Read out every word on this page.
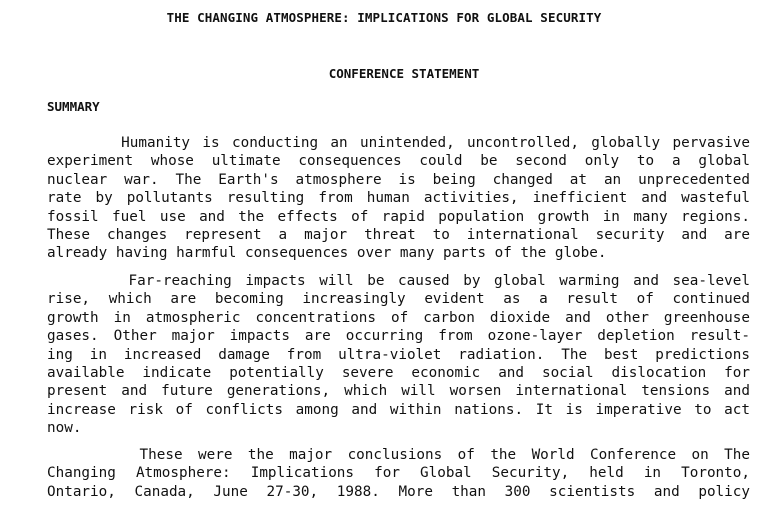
THE CHANGING ATMOSPHERE: IMPLICATIONS FOR GLOBAL SECURITY
CONFERENCE STATEMENT
SUMMARY
Humanity is conducting an unintended, uncontrolled, globally pervasive
experiment whose ultimate consequences could be second only to a global
nuclear war. The Earth's atmosphere is being changed at an unprecedented
rate by pollutants resulting from human activities, inefficient and wasteful
fossil fuel use and the effects of rapid population growth in many regions.
These changes represent a major threat to international security and are
already having harmful consequences over many parts of the globe.
Far-reaching impacts will be caused by global warming and sea-level
rise, which are becoming increasingly evident as a result of continued
growth in atmospheric concentrations of carbon dioxide and other greenhouse
gases. Other major impacts are occurring from ozone-layer depletion result-
ing in increased damage from ultra-violet radiation. The best predictions
available indicate potentially severe economic and social dislocation for
present and future generations, which will worsen international tensions and
increase risk of conflicts among and within nations. It is imperative to act
now.
These were the major conclusions of the World Conference on The
Changing Atmosphere: Implications for Global Security, held in Toronto,
Ontario, Canada, June 27-30, 1988. More than 300 scientists and policy
